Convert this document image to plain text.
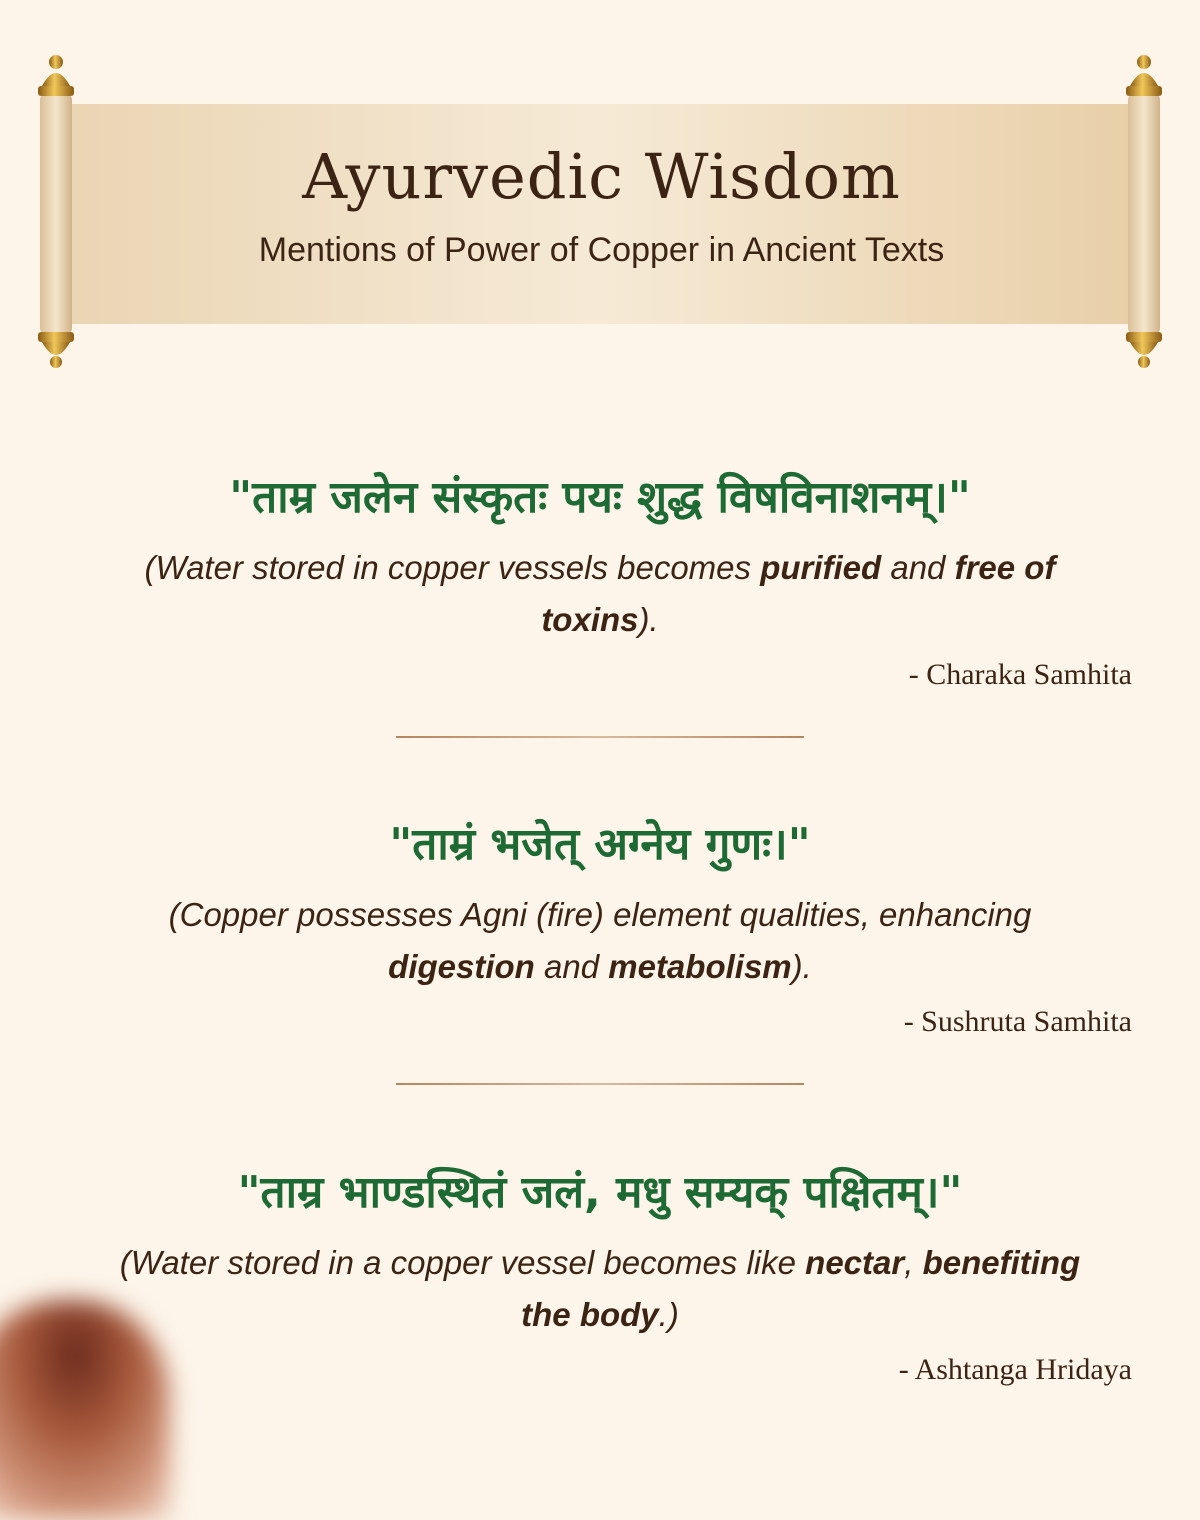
Ayurvedic Wisdom
Mentions of Power of Copper in Ancient Texts
"ताम्र जलेन संस्कृतः पयः शुद्ध विषविनाशनम्।"
(Water stored in copper vessels becomes purified and free of toxins).
- Charaka Samhita
"ताम्रं भजेत् अग्नेय गुणः।"
(Copper possesses Agni (fire) element qualities, enhancing digestion and metabolism).
- Sushruta Samhita
"ताम्र भाण्डस्थितं जलं, मधु सम्यक् पक्षितम्।"
(Water stored in a copper vessel becomes like nectar, benefiting the body.)
- Ashtanga Hridaya
